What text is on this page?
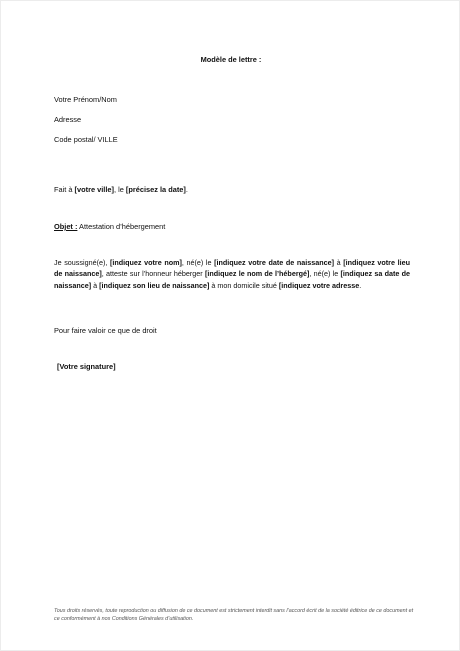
Modèle de lettre :
Votre Prénom/Nom
Adresse
Code postal/ VILLE
Fait à [votre ville], le [précisez la date].
Objet : Attestation d’hébergement
Je soussigné(e), [indiquez votre nom], né(e) le [indiquez votre date de naissance] à [indiquez votre lieu de naissance], atteste sur l’honneur héberger [indiquez le nom de l’hébergé], né(e) le [indiquez sa date de naissance] à [indiquez son lieu de naissance] à mon domicile situé [indiquez votre adresse.
Pour faire valoir ce que de droit
[Votre signature]
Tous droits réservés, toute reproduction ou diffusion de ce document est strictement interdit sans l’accord écrit de la société éditrice de ce document et ce conformément à nos Conditions Générales d’utilisation.
